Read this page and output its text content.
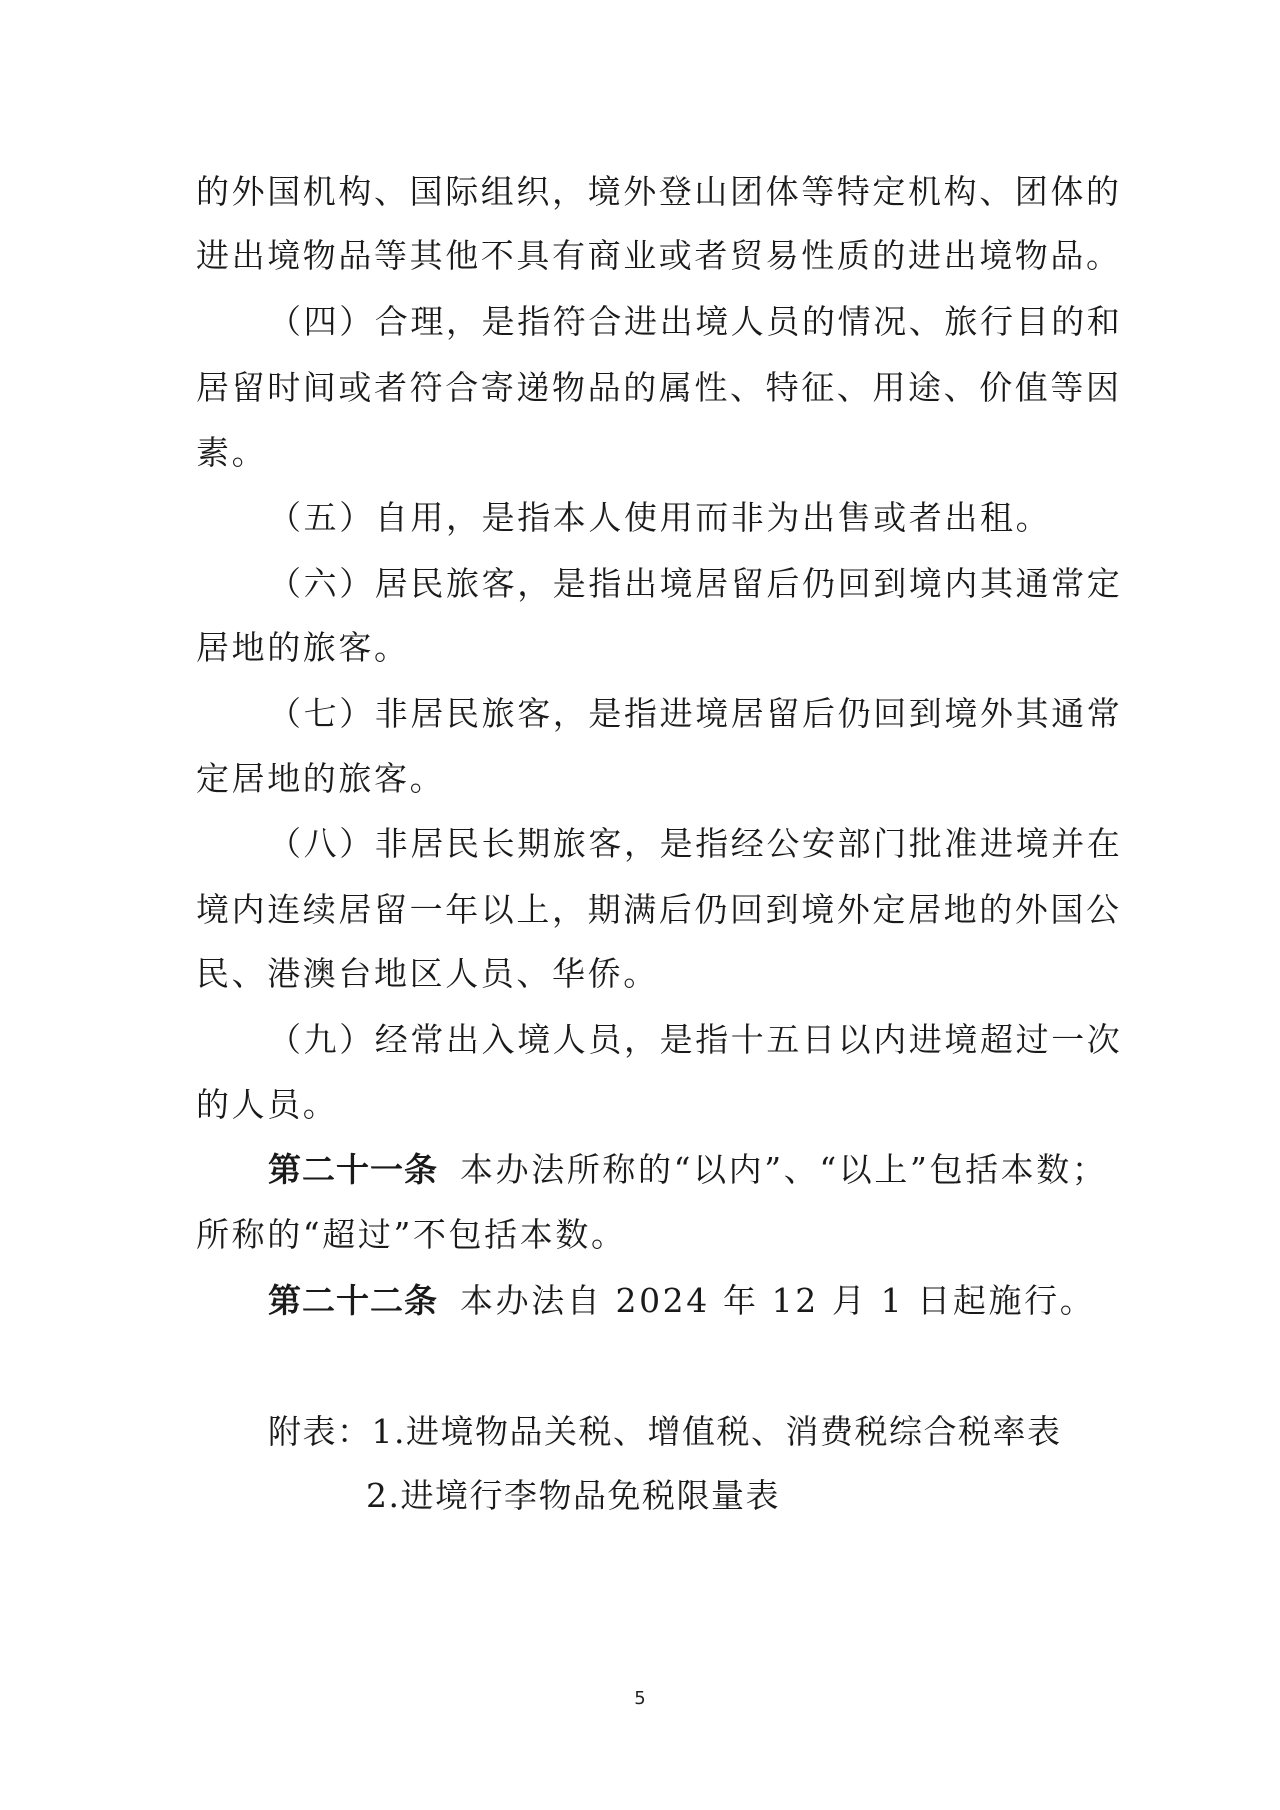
的外国机构、国际组织，境外登山团体等特定机构、团体的
进出境物品等其他不具有商业或者贸易性质的进出境物品。
（四）合理，是指符合进出境人员的情况、旅行目的和
居留时间或者符合寄递物品的属性、特征、用途、价值等因
素。
（五）自用，是指本人使用而非为出售或者出租。
（六）居民旅客，是指出境居留后仍回到境内其通常定
居地的旅客。
（七）非居民旅客，是指进境居留后仍回到境外其通常
定居地的旅客。
（八）非居民长期旅客，是指经公安部门批准进境并在
境内连续居留一年以上，期满后仍回到境外定居地的外国公
民、港澳台地区人员、华侨。
（九）经常出入境人员，是指十五日以内进境超过一次
的人员。
第二十一条 本办法所称的“以内”、“以上”包括本数；
所称的“超过”不包括本数。
第二十二条 本办法自 2024 年 12 月 1 日起施行。
附表：1.进境物品关税、增值税、消费税综合税率表
2.进境行李物品免税限量表
5
